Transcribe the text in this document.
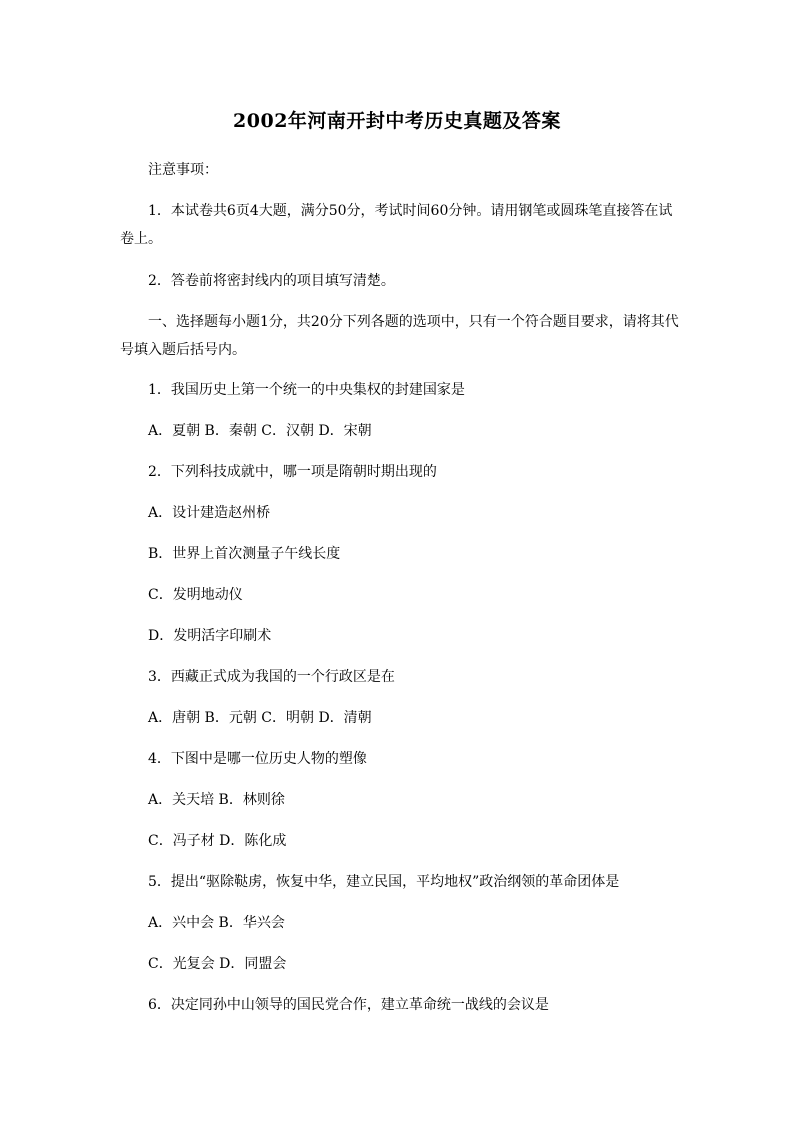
2002年河南开封中考历史真题及答案
注意事项：
1．本试卷共6页4大题，满分50分，考试时间60分钟。请用钢笔或圆珠笔直接答在试卷上。
2．答卷前将密封线内的项目填写清楚。
一、选择题每小题1分，共20分下列各题的选项中，只有一个符合题目要求，请将其代号填入题后括号内。
1．我国历史上第一个统一的中央集权的封建国家是
A．夏朝 B．秦朝 C．汉朝 D．宋朝
2．下列科技成就中，哪一项是隋朝时期出现的
A．设计建造赵州桥
B．世界上首次测量子午线长度
C．发明地动仪
D．发明活字印刷术
3．西藏正式成为我国的一个行政区是在
A．唐朝 B．元朝 C．明朝 D．清朝
4．下图中是哪一位历史人物的塑像
A．关天培 B．林则徐
C．冯子材 D．陈化成
5．提出“驱除鞑虏，恢复中华，建立民国，平均地权”政治纲领的革命团体是
A．兴中会 B．华兴会
C．光复会 D．同盟会
6．决定同孙中山领导的国民党合作，建立革命统一战线的会议是
